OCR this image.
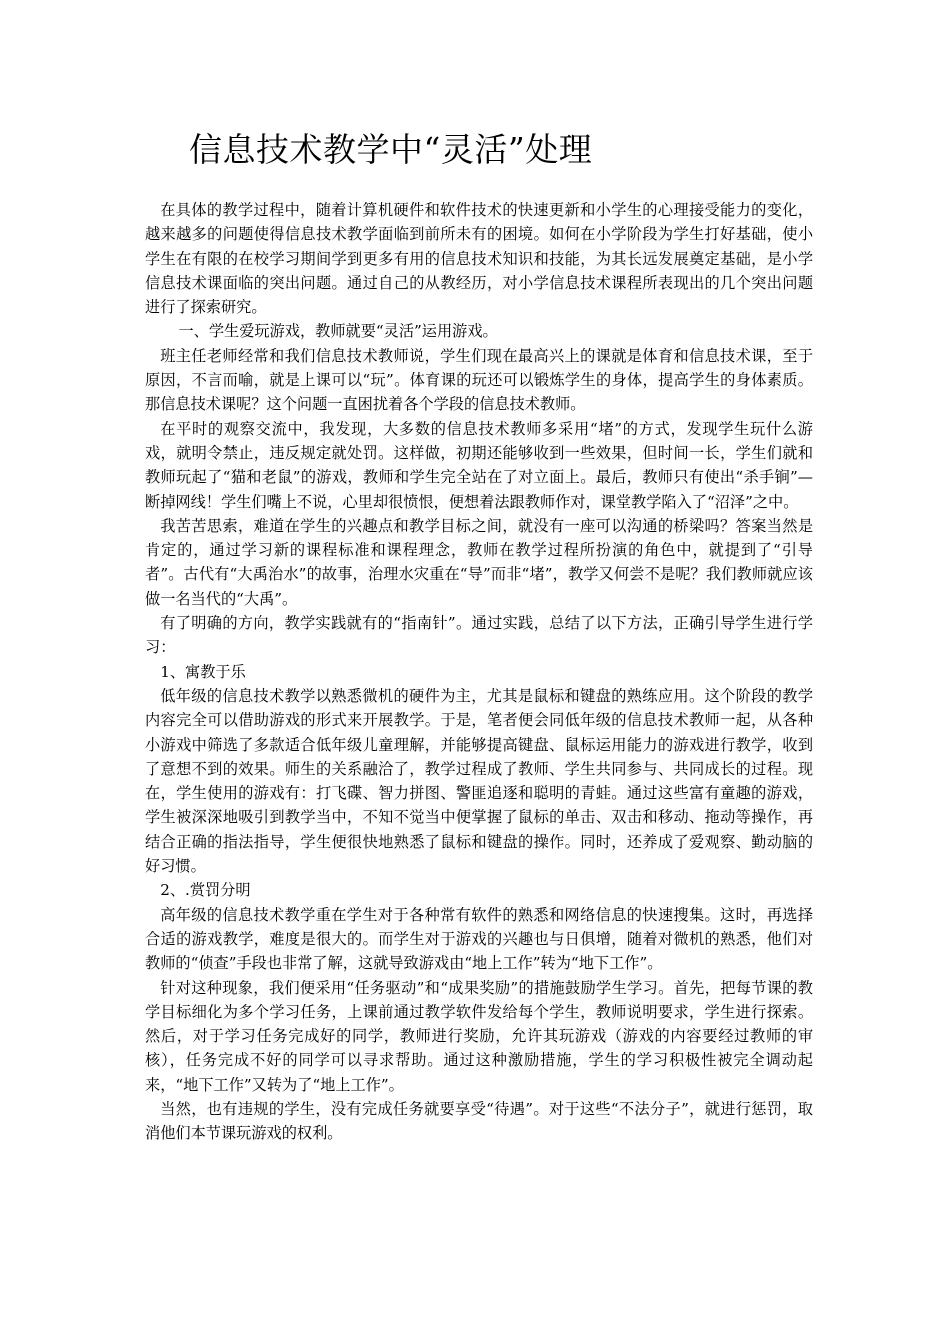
信息技术教学中“灵活”处理

在具体的教学过程中，随着计算机硬件和软件技术的快速更新和小学生的心理接受能力的变化，越来越多的问题使得信息技术教学面临到前所未有的困境。如何在小学阶段为学生打好基础，使小学生在有限的在校学习期间学到更多有用的信息技术知识和技能，为其长远发展奠定基础，是小学信息技术课面临的突出问题。通过自己的从教经历，对小学信息技术课程所表现出的几个突出问题进行了探索研究。

一、学生爱玩游戏，教师就要“灵活”运用游戏。

班主任老师经常和我们信息技术教师说，学生们现在最高兴上的课就是体育和信息技术课，至于原因，不言而喻，就是上课可以“玩”。体育课的玩还可以锻炼学生的身体，提高学生的身体素质。那信息技术课呢？这个问题一直困扰着各个学段的信息技术教师。

在平时的观察交流中，我发现，大多数的信息技术教师多采用“堵”的方式，发现学生玩什么游戏，就明令禁止，违反规定就处罚。这样做，初期还能够收到一些效果，但时间一长，学生们就和教师玩起了“猫和老鼠”的游戏，教师和学生完全站在了对立面上。最后，教师只有使出“杀手锏”—断掉网线！学生们嘴上不说，心里却很愤恨，便想着法跟教师作对，课堂教学陷入了“沼泽”之中。

我苦苦思索，难道在学生的兴趣点和教学目标之间，就没有一座可以沟通的桥梁吗？答案当然是肯定的，通过学习新的课程标准和课程理念，教师在教学过程所扮演的角色中，就提到了“引导者”。古代有“大禹治水”的故事，治理水灾重在“导”而非“堵”，教学又何尝不是呢？我们教师就应该做一名当代的“大禹”。

有了明确的方向，教学实践就有的“指南针”。通过实践，总结了以下方法，正确引导学生进行学习：

1、寓教于乐

低年级的信息技术教学以熟悉微机的硬件为主，尤其是鼠标和键盘的熟练应用。这个阶段的教学内容完全可以借助游戏的形式来开展教学。于是，笔者便会同低年级的信息技术教师一起，从各种小游戏中筛选了多款适合低年级儿童理解，并能够提高键盘、鼠标运用能力的游戏进行教学，收到了意想不到的效果。师生的关系融洽了，教学过程成了教师、学生共同参与、共同成长的过程。现在，学生使用的游戏有：打飞碟、智力拼图、警匪追逐和聪明的青蛙。通过这些富有童趣的游戏，学生被深深地吸引到教学当中，不知不觉当中便掌握了鼠标的单击、双击和移动、拖动等操作，再结合正确的指法指导，学生便很快地熟悉了鼠标和键盘的操作。同时，还养成了爱观察、勤动脑的好习惯。

2、.赏罚分明

高年级的信息技术教学重在学生对于各种常有软件的熟悉和网络信息的快速搜集。这时，再选择合适的游戏教学，难度是很大的。而学生对于游戏的兴趣也与日俱增，随着对微机的熟悉，他们对教师的“侦查”手段也非常了解，这就导致游戏由“地上工作”转为“地下工作”。

针对这种现象，我们便采用“任务驱动”和“成果奖励”的措施鼓励学生学习。首先，把每节课的教学目标细化为多个学习任务，上课前通过教学软件发给每个学生，教师说明要求，学生进行探索。然后，对于学习任务完成好的同学，教师进行奖励，允许其玩游戏（游戏的内容要经过教师的审核），任务完成不好的同学可以寻求帮助。通过这种激励措施，学生的学习积极性被完全调动起来，“地下工作”又转为了“地上工作”。

当然，也有违规的学生，没有完成任务就要享受“待遇”。对于这些“不法分子”，就进行惩罚，取消他们本节课玩游戏的权利。
